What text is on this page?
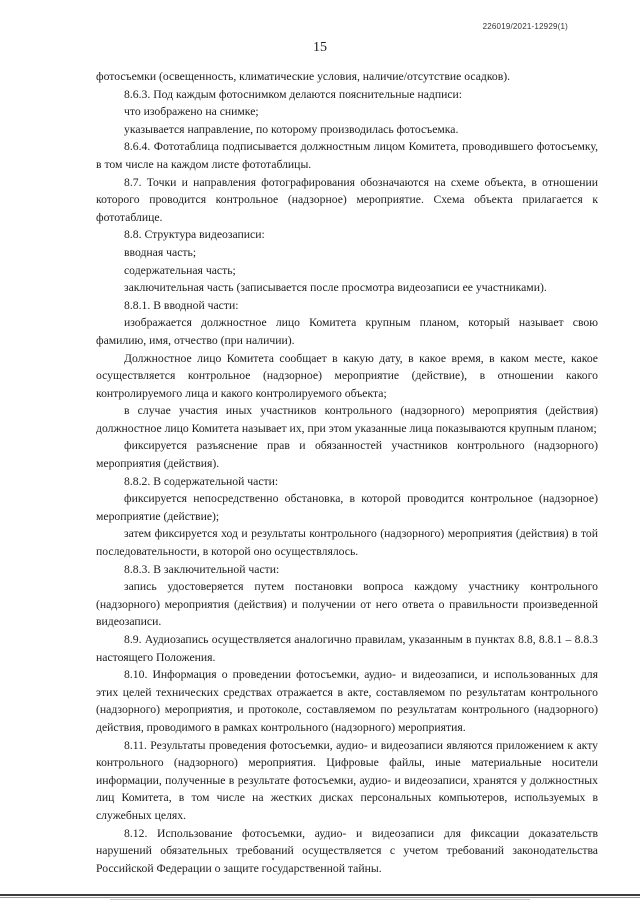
226019/2021-12929(1)
15

фотосъемки (освещенность, климатические условия, наличие/отсутствие осадков).

8.6.3. Под каждым фотоснимком делаются пояснительные надписи:

что изображено на снимке;

указывается направление, по которому производилась фотосъемка.

8.6.4. Фототаблица подписывается должностным лицом Комитета, проводившего фотосъемку, в том числе на каждом листе фототаблицы.

8.7. Точки и направления фотографирования обозначаются на схеме объекта, в отношении которого проводится контрольное (надзорное) мероприятие. Схема объекта прилагается к фототаблице.

8.8. Структура видеозаписи:

вводная часть;

содержательная часть;

заключительная часть (записывается после просмотра видеозаписи ее участниками).

8.8.1. В вводной части:

изображается должностное лицо Комитета крупным планом, который называет свою фамилию, имя, отчество (при наличии).

Должностное лицо Комитета сообщает в какую дату, в какое время, в каком месте, какое осуществляется контрольное (надзорное) мероприятие (действие), в отношении какого контролируемого лица и какого контролируемого объекта;

в случае участия иных участников контрольного (надзорного) мероприятия (действия) должностное лицо Комитета называет их, при этом указанные лица показываются крупным планом;

фиксируется разъяснение прав и обязанностей участников контрольного (надзорного) мероприятия (действия).

8.8.2. В содержательной части:

фиксируется непосредственно обстановка, в которой проводится контрольное (надзорное) мероприятие (действие);

затем фиксируется ход и результаты контрольного (надзорного) мероприятия (действия) в той последовательности, в которой оно осуществлялось.

8.8.3. В заключительной части:

запись удостоверяется путем постановки вопроса каждому участнику контрольного (надзорного) мероприятия (действия) и получении от него ответа о правильности произведенной видеозаписи.

8.9. Аудиозапись осуществляется аналогично правилам, указанным в пунктах 8.8, 8.8.1 – 8.8.3 настоящего Положения.

8.10. Информация о проведении фотосъемки, аудио- и видеозаписи, и использованных для этих целей технических средствах отражается в акте, составляемом по результатам контрольного (надзорного) мероприятия, и протоколе, составляемом по результатам контрольного (надзорного) действия, проводимого в рамках контрольного (надзорного) мероприятия.

8.11. Результаты проведения фотосъемки, аудио- и видеозаписи являются приложением к акту контрольного (надзорного) мероприятия. Цифровые файлы, иные материальные носители информации, полученные в результате фотосъемки, аудио- и видеозаписи, хранятся у должностных лиц Комитета, в том числе на жестких дисках персональных компьютеров, используемых в служебных целях.

8.12. Использование фотосъемки, аудио- и видеозаписи для фиксации доказательств нарушений обязательных требований осуществляется с учетом требований законодательства Российской Федерации о защите государственной тайны.
